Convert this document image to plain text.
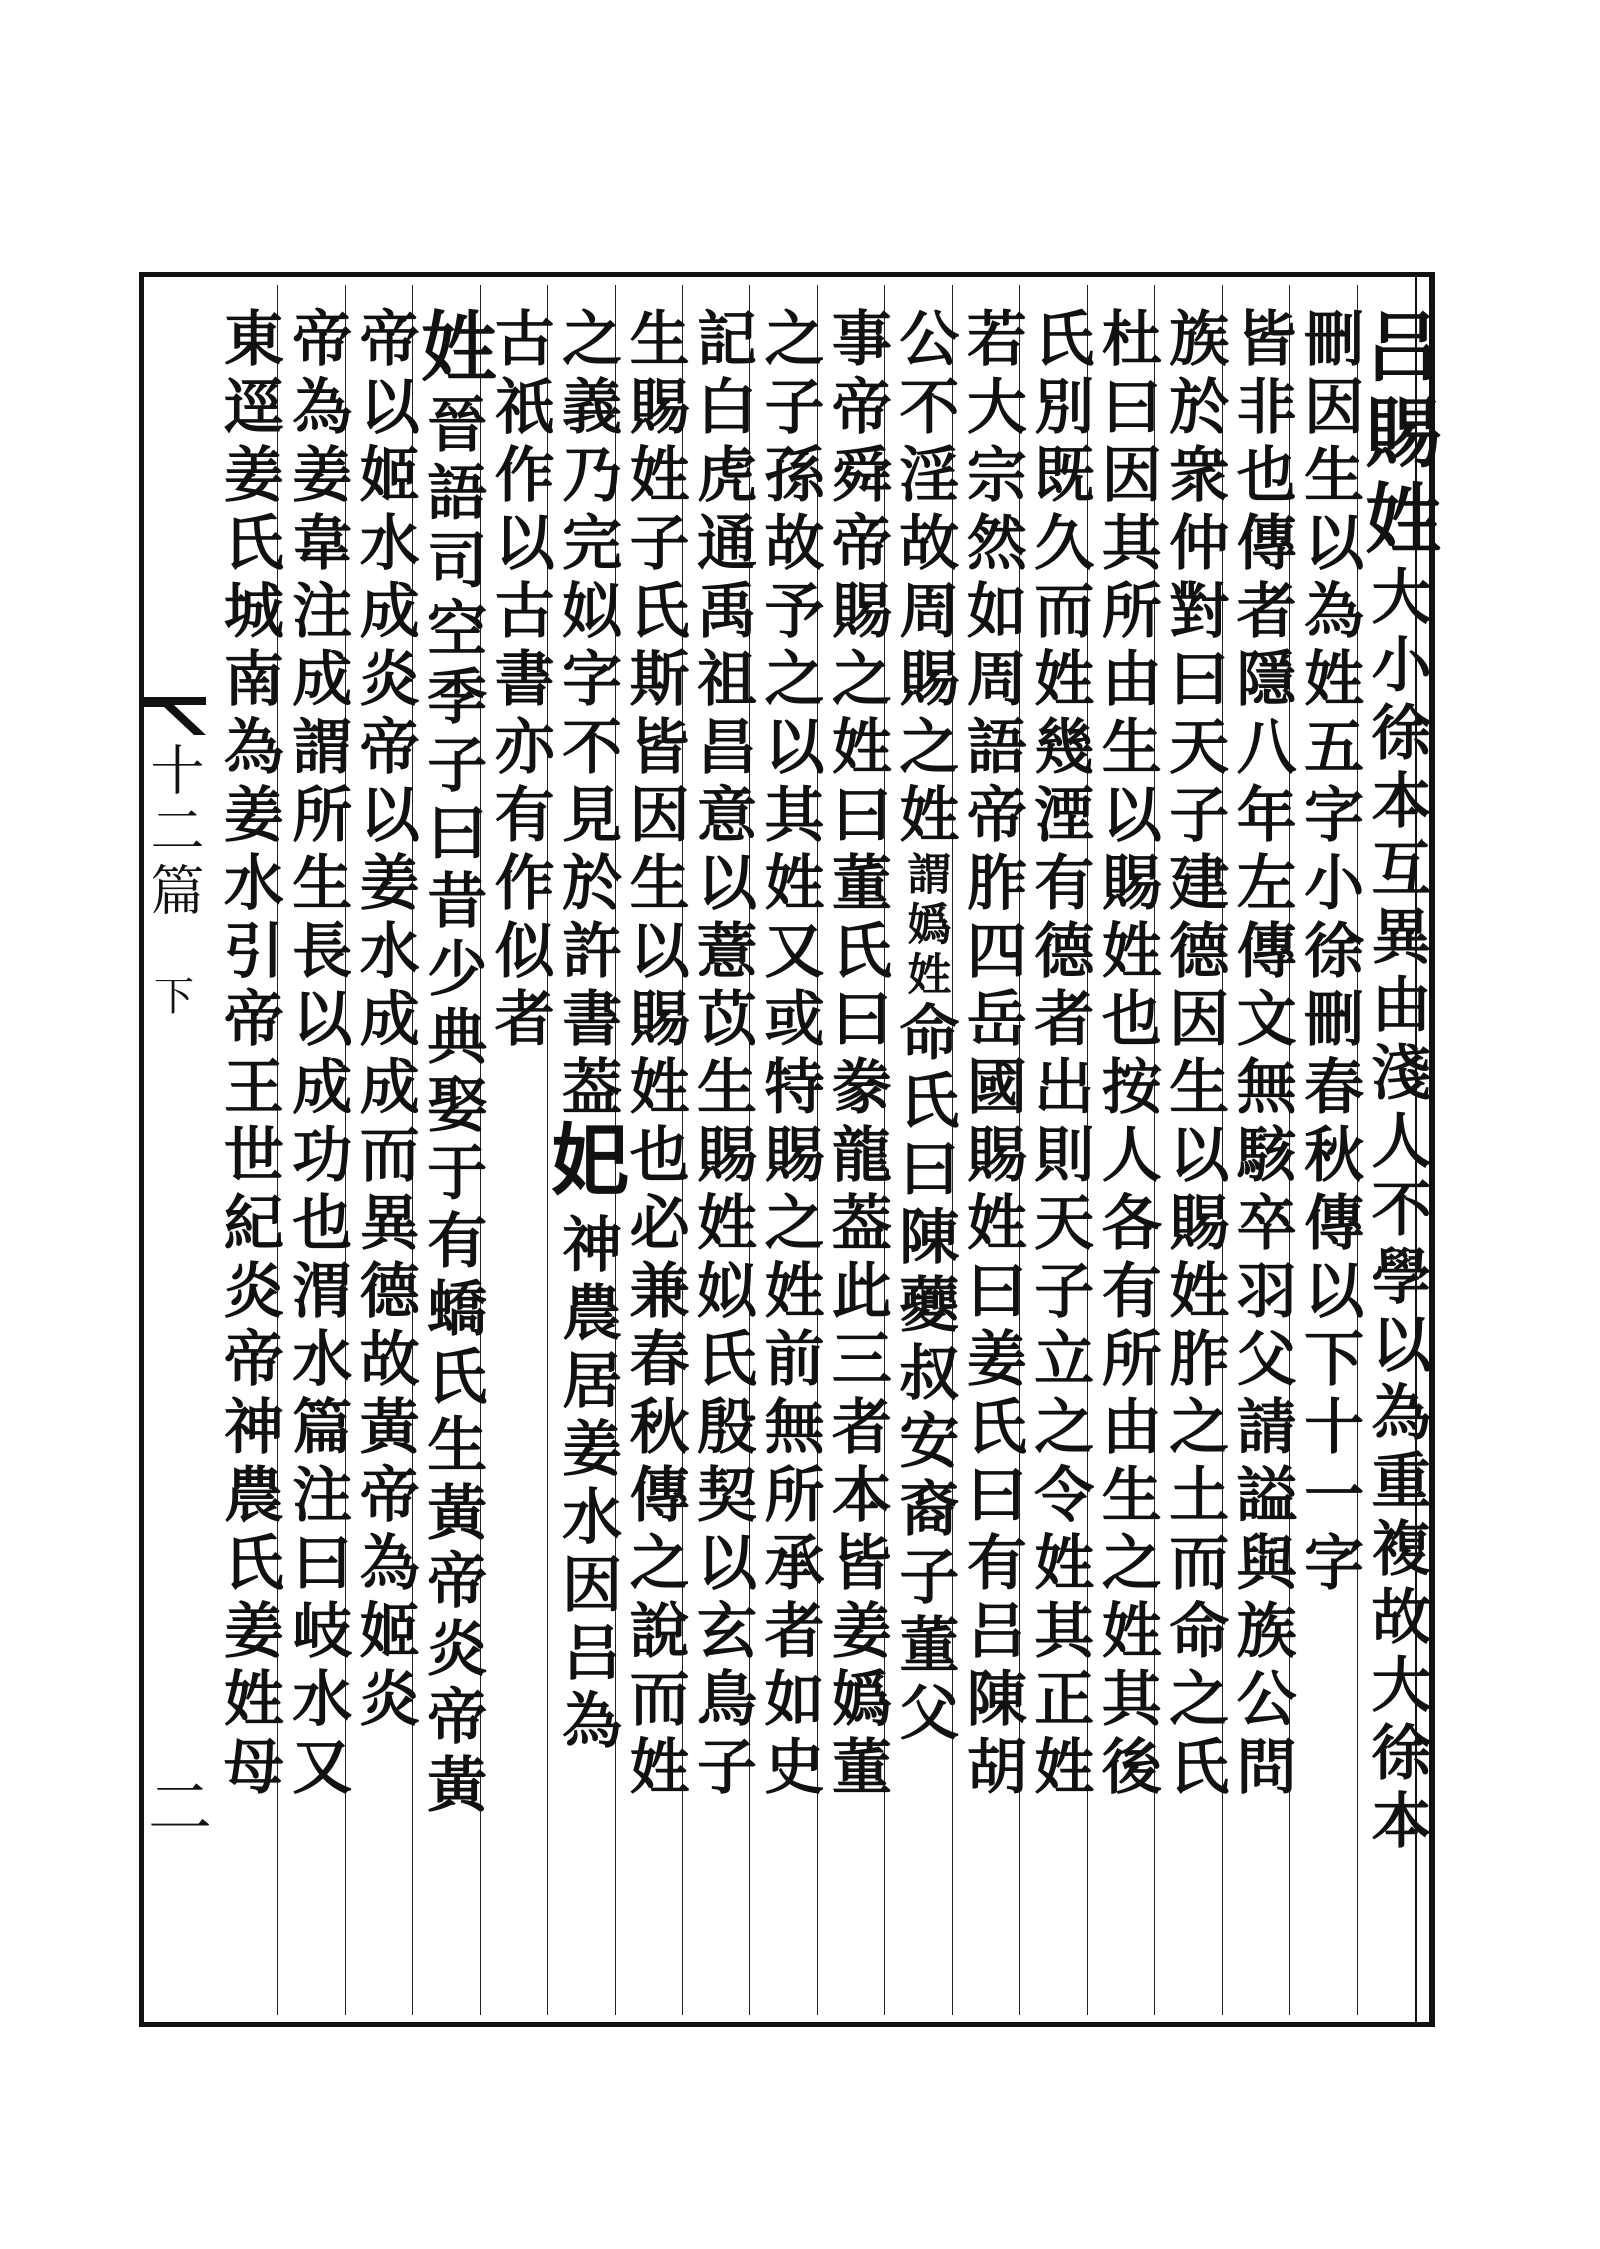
十二篇
下
二
吕賜姓大小徐本互異由淺人不學以為重複故大徐本
刪因生以為姓五字小徐刪春秋傳以下十一字
皆非也傳者隱八年左傳文無駭卒羽父請謚與族公問
族於衆仲對曰天子建德因生以賜姓胙之土而命之氏
杜曰因其所由生以賜姓也按人各有所由生之姓其後
氏別既久而姓幾湮有德者出則天子立之令姓其正姓
若大宗然如周語帝胙四岳國賜姓曰姜氏曰有吕陳胡
公不淫故周賜之姓謂嬀姓命氏曰陳虁叔安裔子董父
事帝舜帝賜之姓曰董氏曰豢龍葢此三者本皆姜嬀董
之子孫故予之以其姓又或特賜之姓前無所承者如史
記白虎通禹祖昌意以薏苡生賜姓姒氏殷契以玄鳥子
生賜姓子氏斯皆因生以賜姓也必兼春秋傳之說而姓
之義乃完姒字不見於許書葢𡚱神農居姜水因吕為
古祇作以古書亦有作似者
姓晉語司空季子曰昔少典娶于有蟜氏生黃帝炎帝黃
帝以姬水成炎帝以姜水成成而異德故黃帝為姬炎
帝為姜韋注成謂所生長以成功也渭水篇注曰岐水又
東逕姜氏城南為姜水引帝王世紀炎帝神農氏姜姓母
